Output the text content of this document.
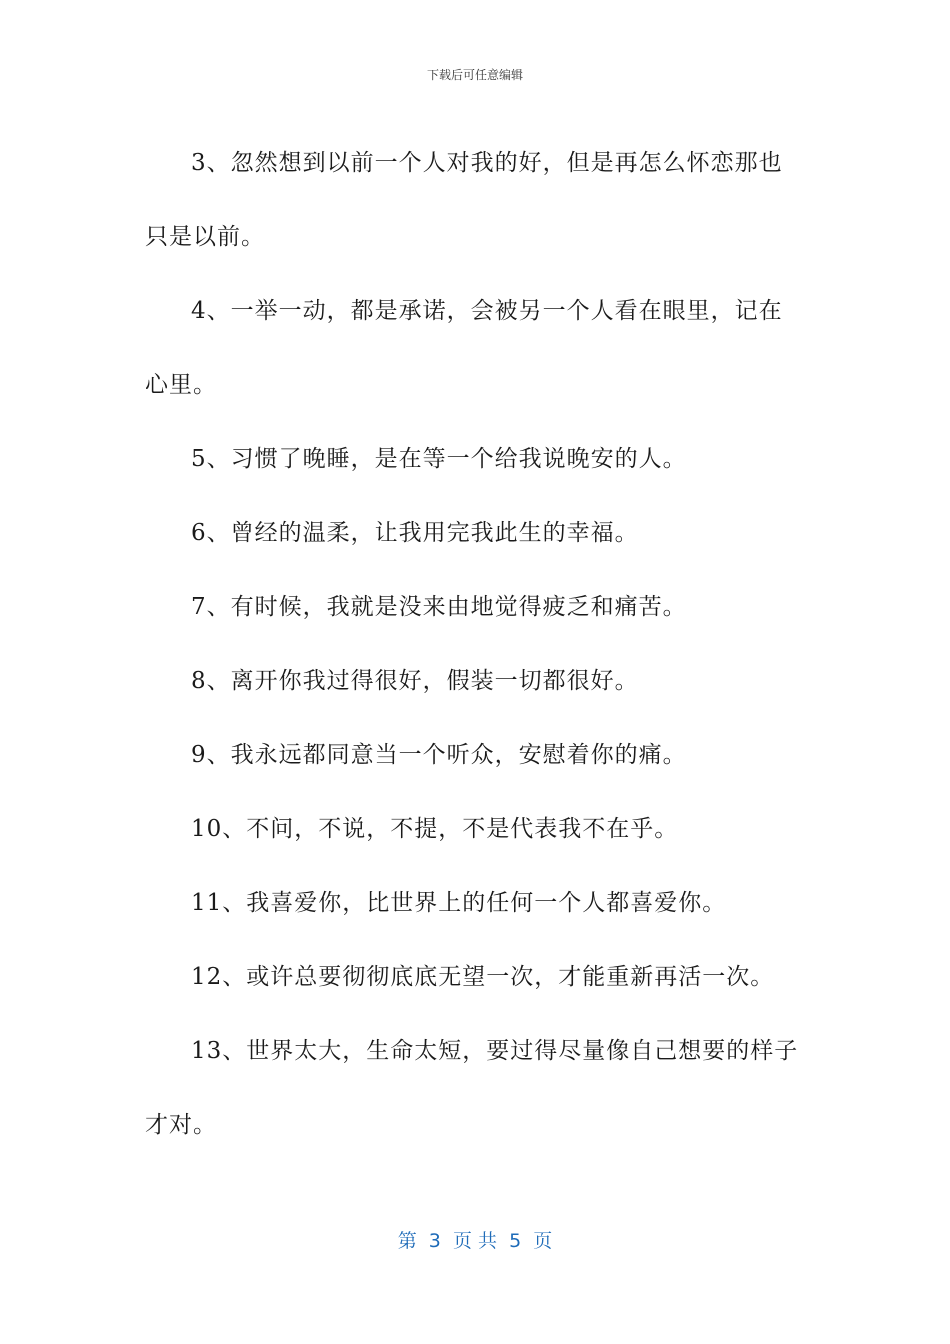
下载后可任意编辑

3、忽然想到以前一个人对我的好，但是再怎么怀恋那也只是以前。

4、一举一动，都是承诺，会被另一个人看在眼里，记在心里。

5、习惯了晚睡，是在等一个给我说晚安的人。

6、曾经的温柔，让我用完我此生的幸福。

7、有时候，我就是没来由地觉得疲乏和痛苦。

8、离开你我过得很好，假装一切都很好。

9、我永远都同意当一个听众，安慰着你的痛。

10、不问，不说，不提，不是代表我不在乎。

11、我喜爱你，比世界上的任何一个人都喜爱你。

12、或许总要彻彻底底无望一次，才能重新再活一次。

13、世界太大，生命太短，要过得尽量像自己想要的样子才对。

第  3  页 共  5  页
